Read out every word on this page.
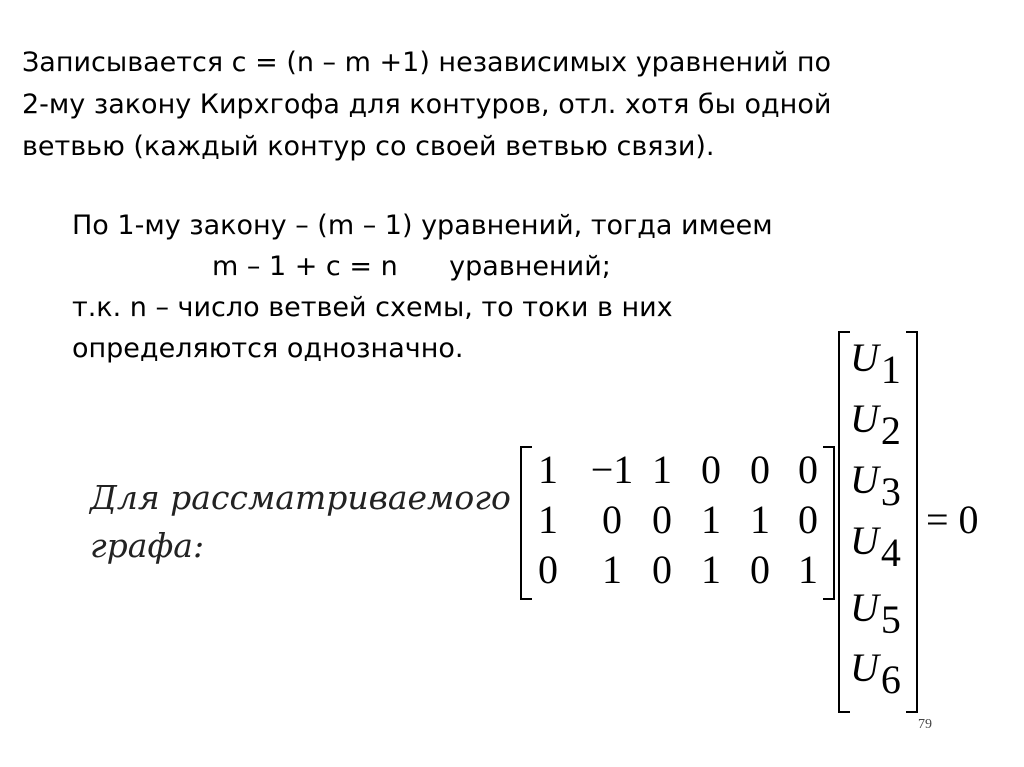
Записывается с = (n – m +1) независимых уравнений по
2-му закону Кирхгофа для контуров, отл. хотя бы одной
ветвью (каждый контур со своей ветвью связи).
По 1-му закону – (m – 1) уравнений, тогда имеем
m – 1 + c = n      уравнений;
т.к. n – число ветвей схемы, то токи в них
определяются однозначно.
Для рассматриваемого
графа:
1 −1 1 0 0 0
1 0 0 1 1 0
0 1 0 1 0 1
U1
U2
U3
U4
U5
U6
= 0
79
